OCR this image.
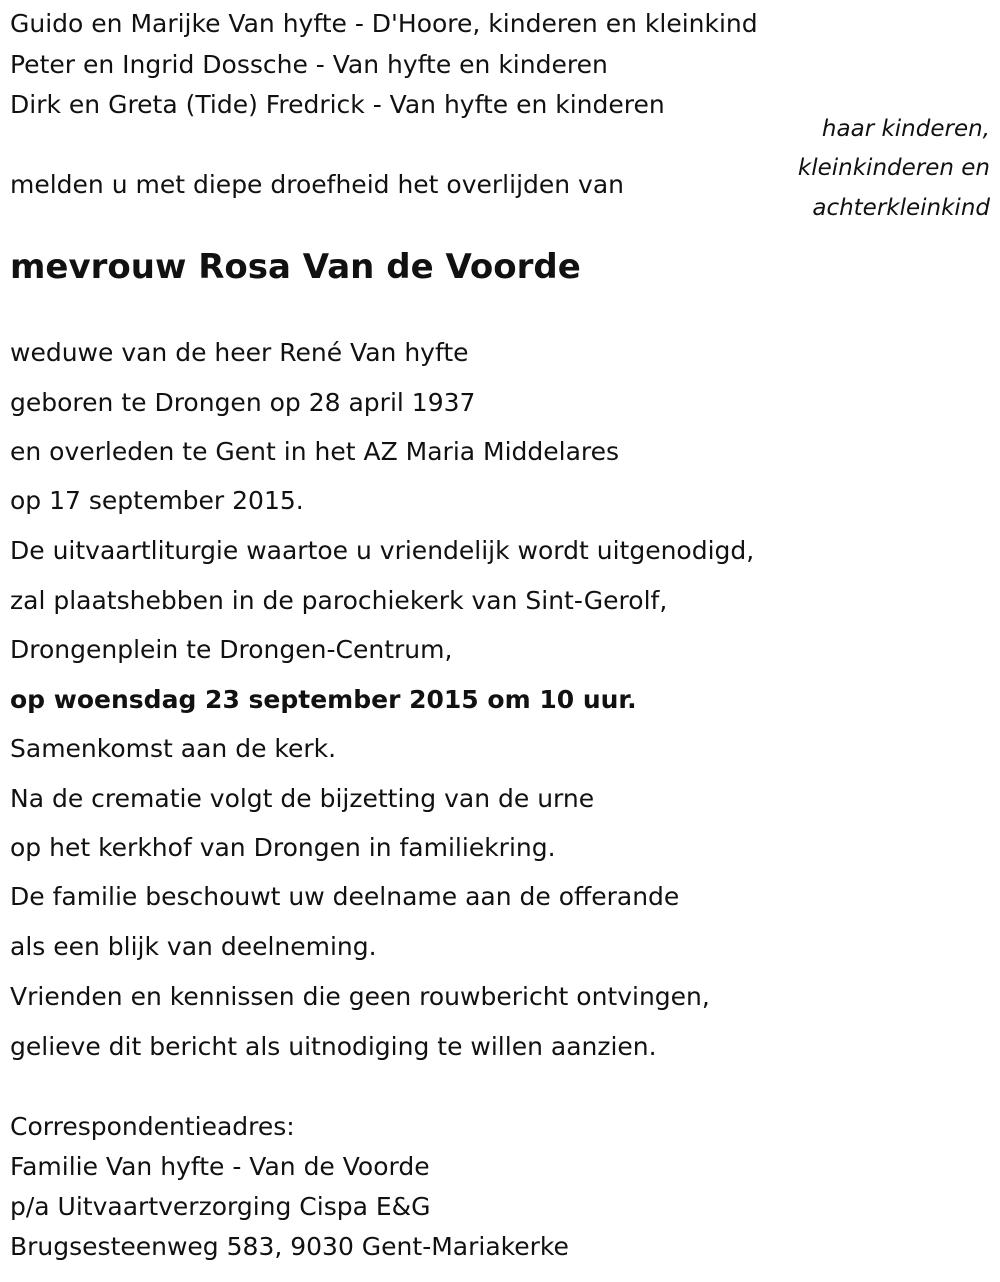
Guido en Marijke Van hyfte - D'Hoore, kinderen en kleinkind
Peter en Ingrid Dossche - Van hyfte en kinderen
Dirk en Greta (Tide) Fredrick - Van hyfte en kinderen
haar kinderen,
kleinkinderen en
achterkleinkind
melden u met diepe droefheid het overlijden van
mevrouw Rosa Van de Voorde
weduwe van de heer René Van hyfte
geboren te Drongen op 28 april 1937
en overleden te Gent in het AZ Maria Middelares
op 17 september 2015.
De uitvaartliturgie waartoe u vriendelijk wordt uitgenodigd,
zal plaatshebben in de parochiekerk van Sint-Gerolf,
Drongenplein te Drongen-Centrum,
op woensdag 23 september 2015 om 10 uur.
Samenkomst aan de kerk.
Na de crematie volgt de bijzetting van de urne
op het kerkhof van Drongen in familiekring.
De familie beschouwt uw deelname aan de offerande
als een blijk van deelneming.
Vrienden en kennissen die geen rouwbericht ontvingen,
gelieve dit bericht als uitnodiging te willen aanzien.
Correspondentieadres:
Familie Van hyfte - Van de Voorde
p/a Uitvaartverzorging Cispa E&G
Brugsesteenweg 583, 9030 Gent-Mariakerke
